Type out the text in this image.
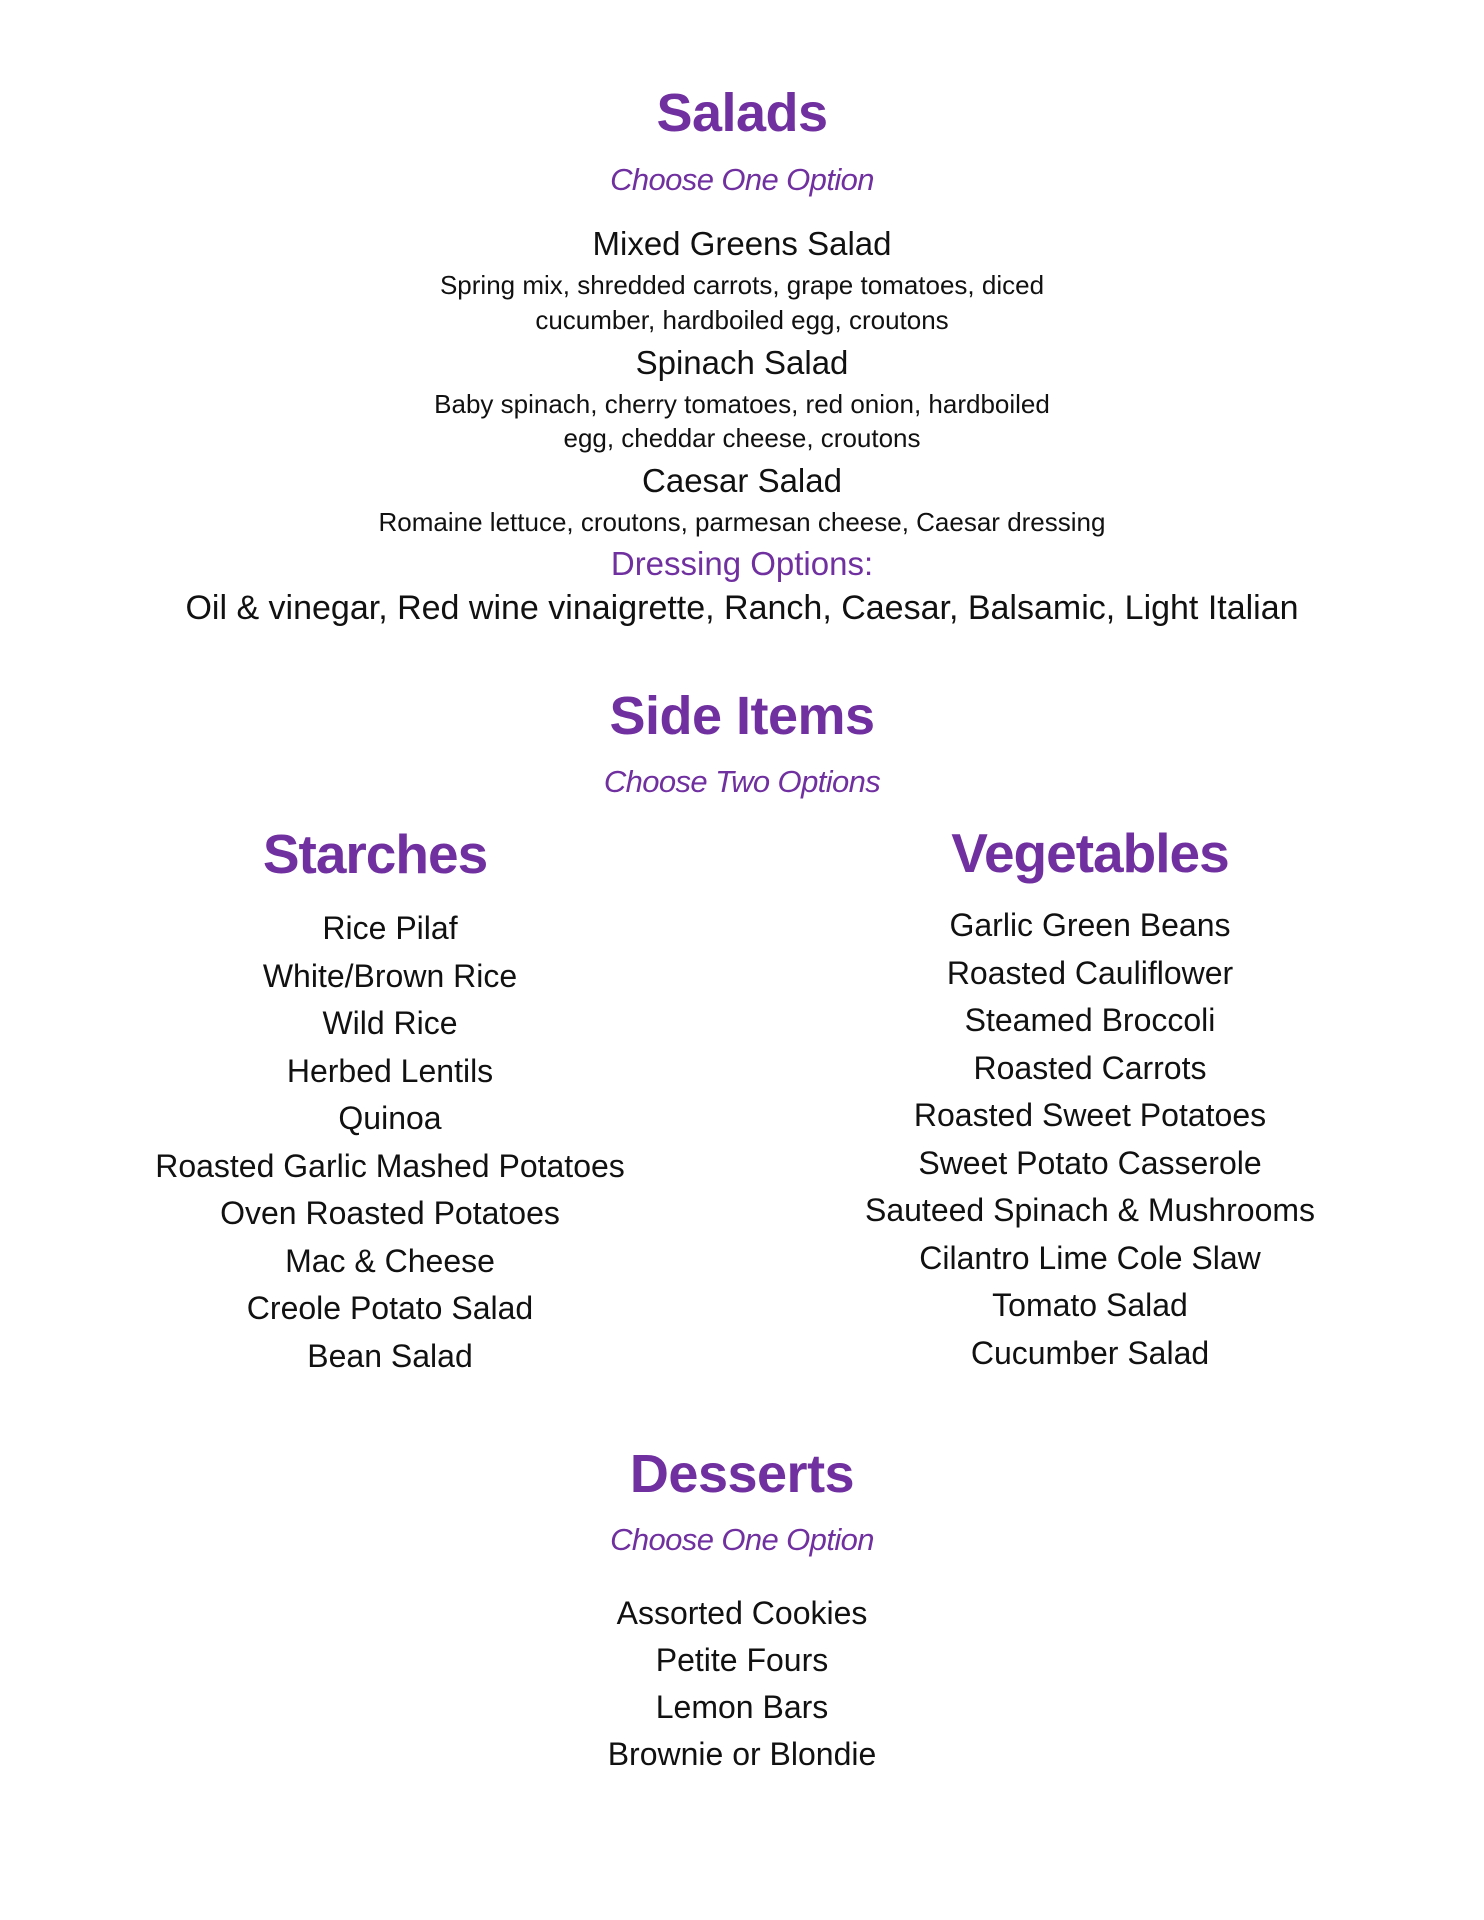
Salads
Choose One Option
Mixed Greens Salad
Spring mix, shredded carrots, grape tomatoes, diced
cucumber, hardboiled egg, croutons
Spinach Salad
Baby spinach, cherry tomatoes, red onion, hardboiled
egg, cheddar cheese, croutons
Caesar Salad
Romaine lettuce, croutons, parmesan cheese, Caesar dressing
Dressing Options:
Oil & vinegar, Red wine vinaigrette, Ranch, Caesar, Balsamic, Light Italian
Side Items
Choose Two Options
Starches
Rice Pilaf
White/Brown Rice
Wild Rice
Herbed Lentils
Quinoa
Roasted Garlic Mashed Potatoes
Oven Roasted Potatoes
Mac & Cheese
Creole Potato Salad
Bean Salad
Vegetables
Garlic Green Beans
Roasted Cauliflower
Steamed Broccoli
Roasted Carrots
Roasted Sweet Potatoes
Sweet Potato Casserole
Sauteed Spinach & Mushrooms
Cilantro Lime Cole Slaw
Tomato Salad
Cucumber Salad
Desserts
Choose One Option
Assorted Cookies
Petite Fours
Lemon Bars
Brownie or Blondie
